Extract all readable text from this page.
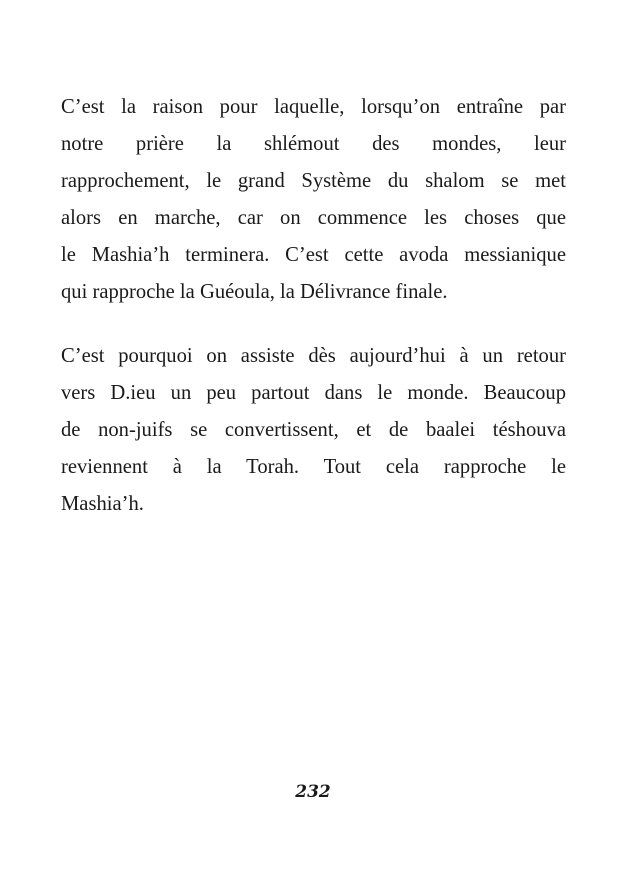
C’est la raison pour laquelle, lorsqu’on entraîne par
notre prière la shlémout des mondes, leur
rapprochement, le grand Système du shalom se met
alors en marche, car on commence les choses que
le Mashia’h terminera. C’est cette avoda messianique
qui rapproche la Guéoula, la Délivrance finale.

C’est pourquoi on assiste dès aujourd’hui à un retour
vers D.ieu un peu partout dans le monde. Beaucoup
de non-juifs se convertissent, et de baalei téshouva
reviennent à la Torah. Tout cela rapproche le
Mashia’h.

232
